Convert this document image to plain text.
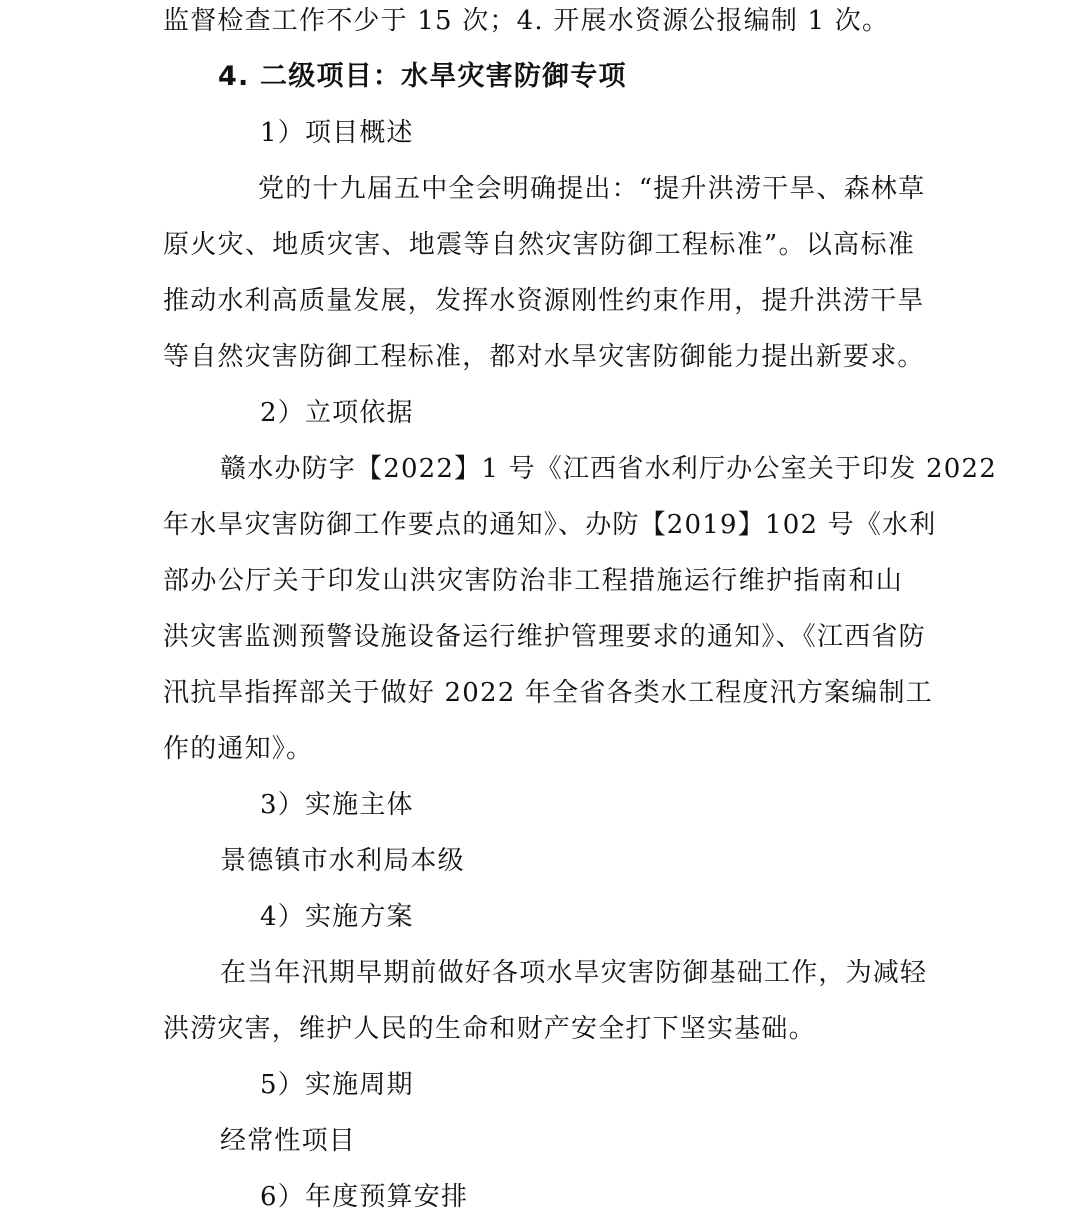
监督检查工作不少于 15 次；4. 开展水资源公报编制 1 次。
4. 二级项目：水旱灾害防御专项
1）项目概述
党的十九届五中全会明确提出：“提升洪涝干旱、森林草
原火灾、地质灾害、地震等自然灾害防御工程标准”。以高标准
推动水利高质量发展，发挥水资源刚性约束作用，提升洪涝干旱
等自然灾害防御工程标准，都对水旱灾害防御能力提出新要求。
2）立项依据
赣水办防字【2022】1 号《江西省水利厅办公室关于印发 2022
年水旱灾害防御工作要点的通知》、办防【2019】102 号《水利
部办公厅关于印发山洪灾害防治非工程措施运行维护指南和山
洪灾害监测预警设施设备运行维护管理要求的通知》、《江西省防
汛抗旱指挥部关于做好 2022 年全省各类水工程度汛方案编制工
作的通知》。
3）实施主体
景德镇市水利局本级
4）实施方案
在当年汛期早期前做好各项水旱灾害防御基础工作，为减轻
洪涝灾害，维护人民的生命和财产安全打下坚实基础。
5）实施周期
经常性项目
6）年度预算安排
